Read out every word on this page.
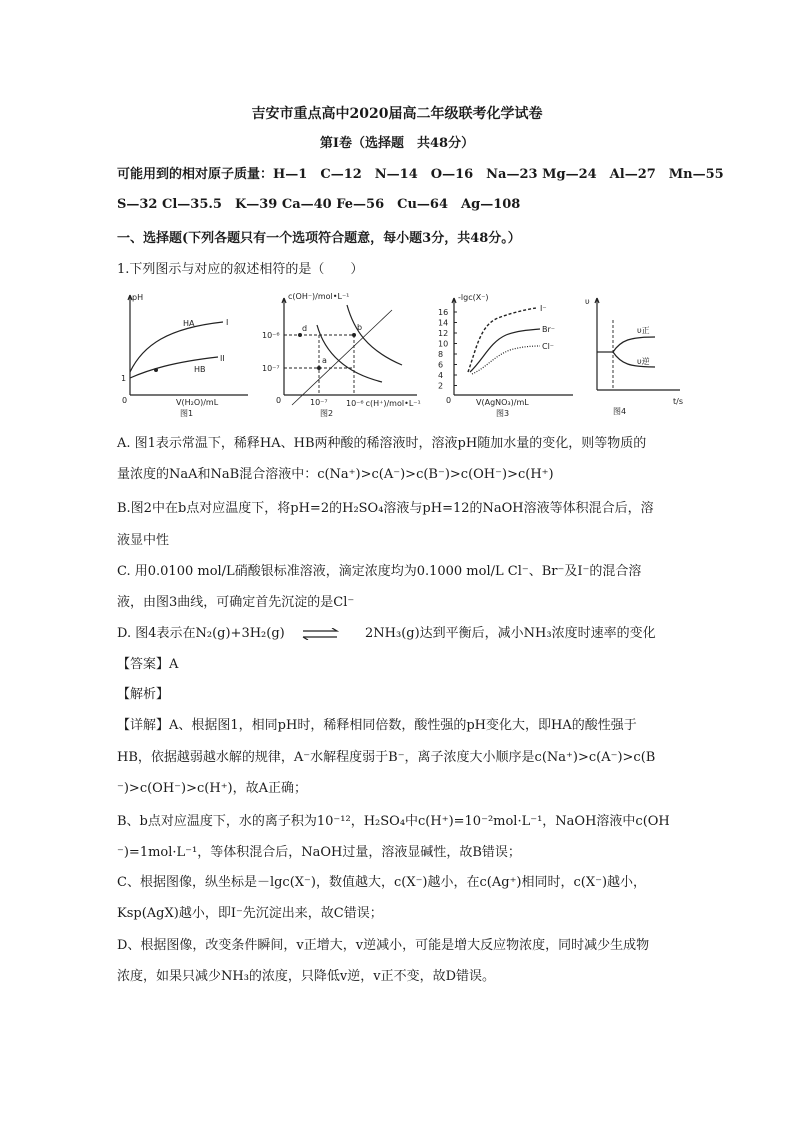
吉安市重点高中2020届高二年级联考化学试卷
第Ⅰ卷（选择题　共48分）
可能用到的相对原子质量：H—1　C—12　N—14　O—16　Na—23 Mg—24　Al—27　Mn—55
S—32 Cl—35.5　K—39 Ca—40 Fe—56　Cu—64　Ag—108
一、选择题(下列各题只有一个选项符合题意，每小题3分，共48分。）
1.下列图示与对应的叙述相符的是（　　）
pH
HA	I
HB
II
1
0	V(H₂O)/mL
图1
c(OH⁻)/mol•L⁻¹
10⁻⁶
10⁻⁷
10⁻⁷
d
a
b
0	10⁻⁶ c(H⁺)/mol•L⁻¹
图2
16
14
12
10
8
6
4
2
-lgc(X⁻)
I⁻
Br⁻
Cl⁻
0	V(AgNO₃)/mL
图3
υ
υ正
υ逆
t/s
图4
A. 图1表示常温下，稀释HA、HB两种酸的稀溶液时，溶液pH随加水量的变化，则等物质的
量浓度的NaA和NaB混合溶液中：c(Na⁺)>c(A⁻)>c(B⁻)>c(OH⁻)>c(H⁺)
B.图2中在b点对应温度下，将pH=2的H₂SO₄溶液与pH=12的NaOH溶液等体积混合后，溶
液显中性
C. 用0.0100 mol/L硝酸银标准溶液，滴定浓度均为0.1000 mol/L Cl⁻、Br⁻及I⁻的混合溶
液，由图3曲线，可确定首先沉淀的是Cl⁻
D. 图4表示在N₂(g)+3H₂(g)	2NH₃(g)达到平衡后，减小NH₃浓度时速率的变化
【答案】A
【解析】
【详解】A、根据图1，相同pH时，稀释相同倍数，酸性强的pH变化大，即HA的酸性强于
HB，依据越弱越水解的规律，A⁻水解程度弱于B⁻，离子浓度大小顺序是c(Na⁺)>c(A⁻)>c(B
⁻)>c(OH⁻)>c(H⁺)，故A正确；
B、b点对应温度下，水的离子积为10⁻¹²，H₂SO₄中c(H⁺)=10⁻²mol·L⁻¹，NaOH溶液中c(OH
⁻)=1mol·L⁻¹，等体积混合后，NaOH过量，溶液显碱性，故B错误；
C、根据图像，纵坐标是－lgc(X⁻)，数值越大，c(X⁻)越小，在c(Ag⁺)相同时，c(X⁻)越小，
Ksp(AgX)越小，即I⁻先沉淀出来，故C错误；
D、根据图像，改变条件瞬间，v正增大，v逆减小，可能是增大反应物浓度，同时减少生成物
浓度，如果只减少NH₃的浓度，只降低v逆，v正不变，故D错误。
